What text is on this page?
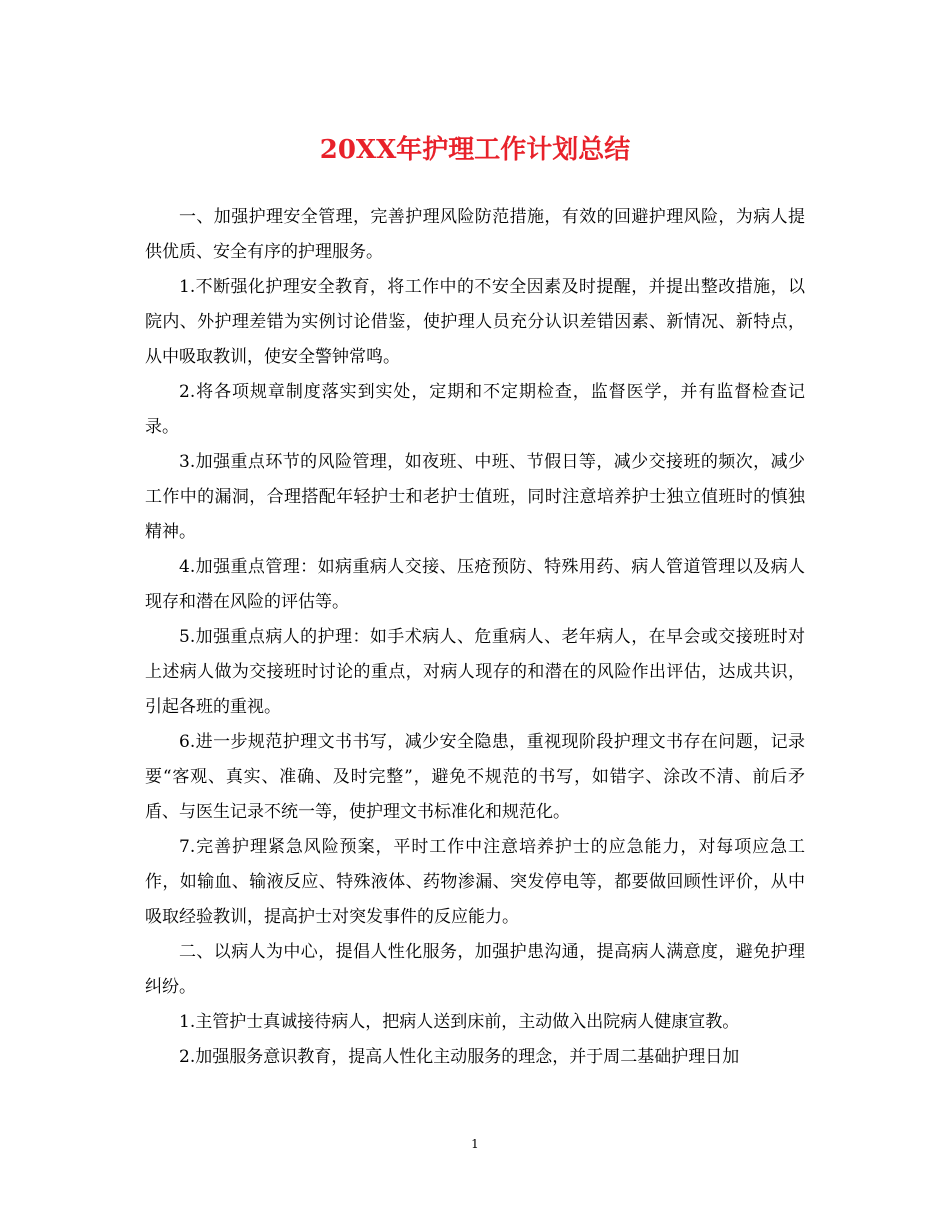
20XX年护理工作计划总结

一、加强护理安全管理，完善护理风险防范措施，有效的回避护理风险，为病人提供优质、安全有序的护理服务。

1.不断强化护理安全教育，将工作中的不安全因素及时提醒，并提出整改措施，以院内、外护理差错为实例讨论借鉴，使护理人员充分认识差错因素、新情况、新特点，从中吸取教训，使安全警钟常鸣。

2.将各项规章制度落实到实处，定期和不定期检查，监督医学，并有监督检查记录。

3.加强重点环节的风险管理，如夜班、中班、节假日等，减少交接班的频次，减少工作中的漏洞，合理搭配年轻护士和老护士值班，同时注意培养护士独立值班时的慎独精神。

4.加强重点管理：如病重病人交接、压疮预防、特殊用药、病人管道管理以及病人现存和潜在风险的评估等。

5.加强重点病人的护理：如手术病人、危重病人、老年病人，在早会或交接班时对上述病人做为交接班时讨论的重点，对病人现存的和潜在的风险作出评估，达成共识，引起各班的重视。

6.进一步规范护理文书书写，减少安全隐患，重视现阶段护理文书存在问题，记录要“客观、真实、准确、及时完整”，避免不规范的书写，如错字、涂改不清、前后矛盾、与医生记录不统一等，使护理文书标准化和规范化。

7.完善护理紧急风险预案，平时工作中注意培养护士的应急能力，对每项应急工作，如输血、输液反应、特殊液体、药物渗漏、突发停电等，都要做回顾性评价，从中吸取经验教训，提高护士对突发事件的反应能力。

二、以病人为中心，提倡人性化服务，加强护患沟通，提高病人满意度，避免护理纠纷。

1.主管护士真诚接待病人，把病人送到床前，主动做入出院病人健康宣教。

2.加强服务意识教育，提高人性化主动服务的理念，并于周二基础护理日加

1
